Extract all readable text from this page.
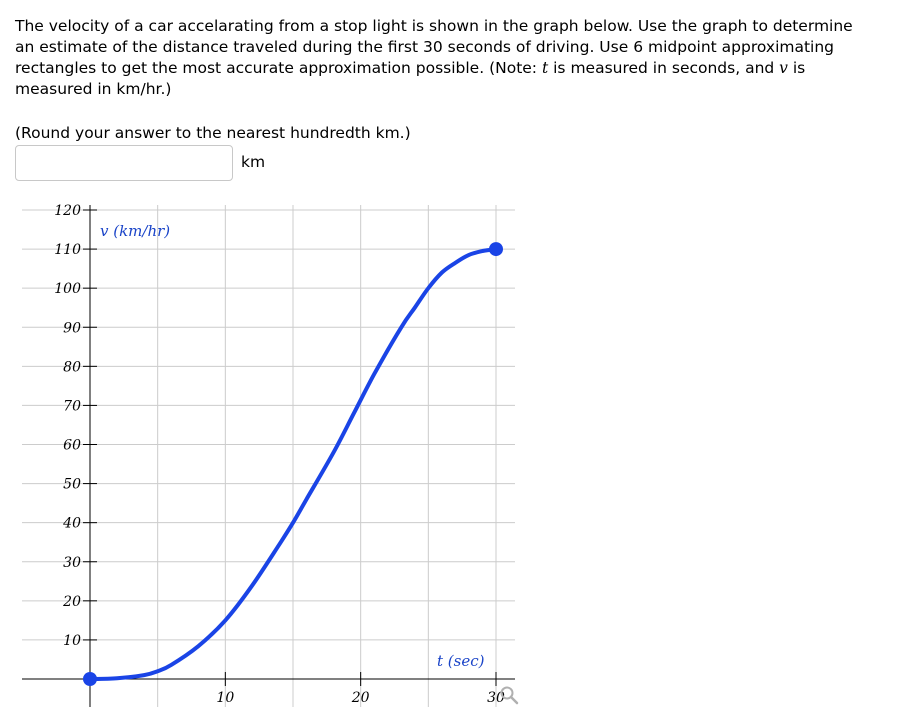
The velocity of a car accelarating from a stop light is shown in the graph below. Use the graph to determine
an estimate of the distance traveled during the first 30 seconds of driving. Use 6 midpoint approximating
rectangles to get the most accurate approximation possible. (Note: t is measured in seconds, and v is
measured in km/hr.)

(Round your answer to the nearest hundredth km.)

km
10
20
30
40
50
60
70
80
90
100
110
120
10	20	30
v (km/hr)
t (sec)
